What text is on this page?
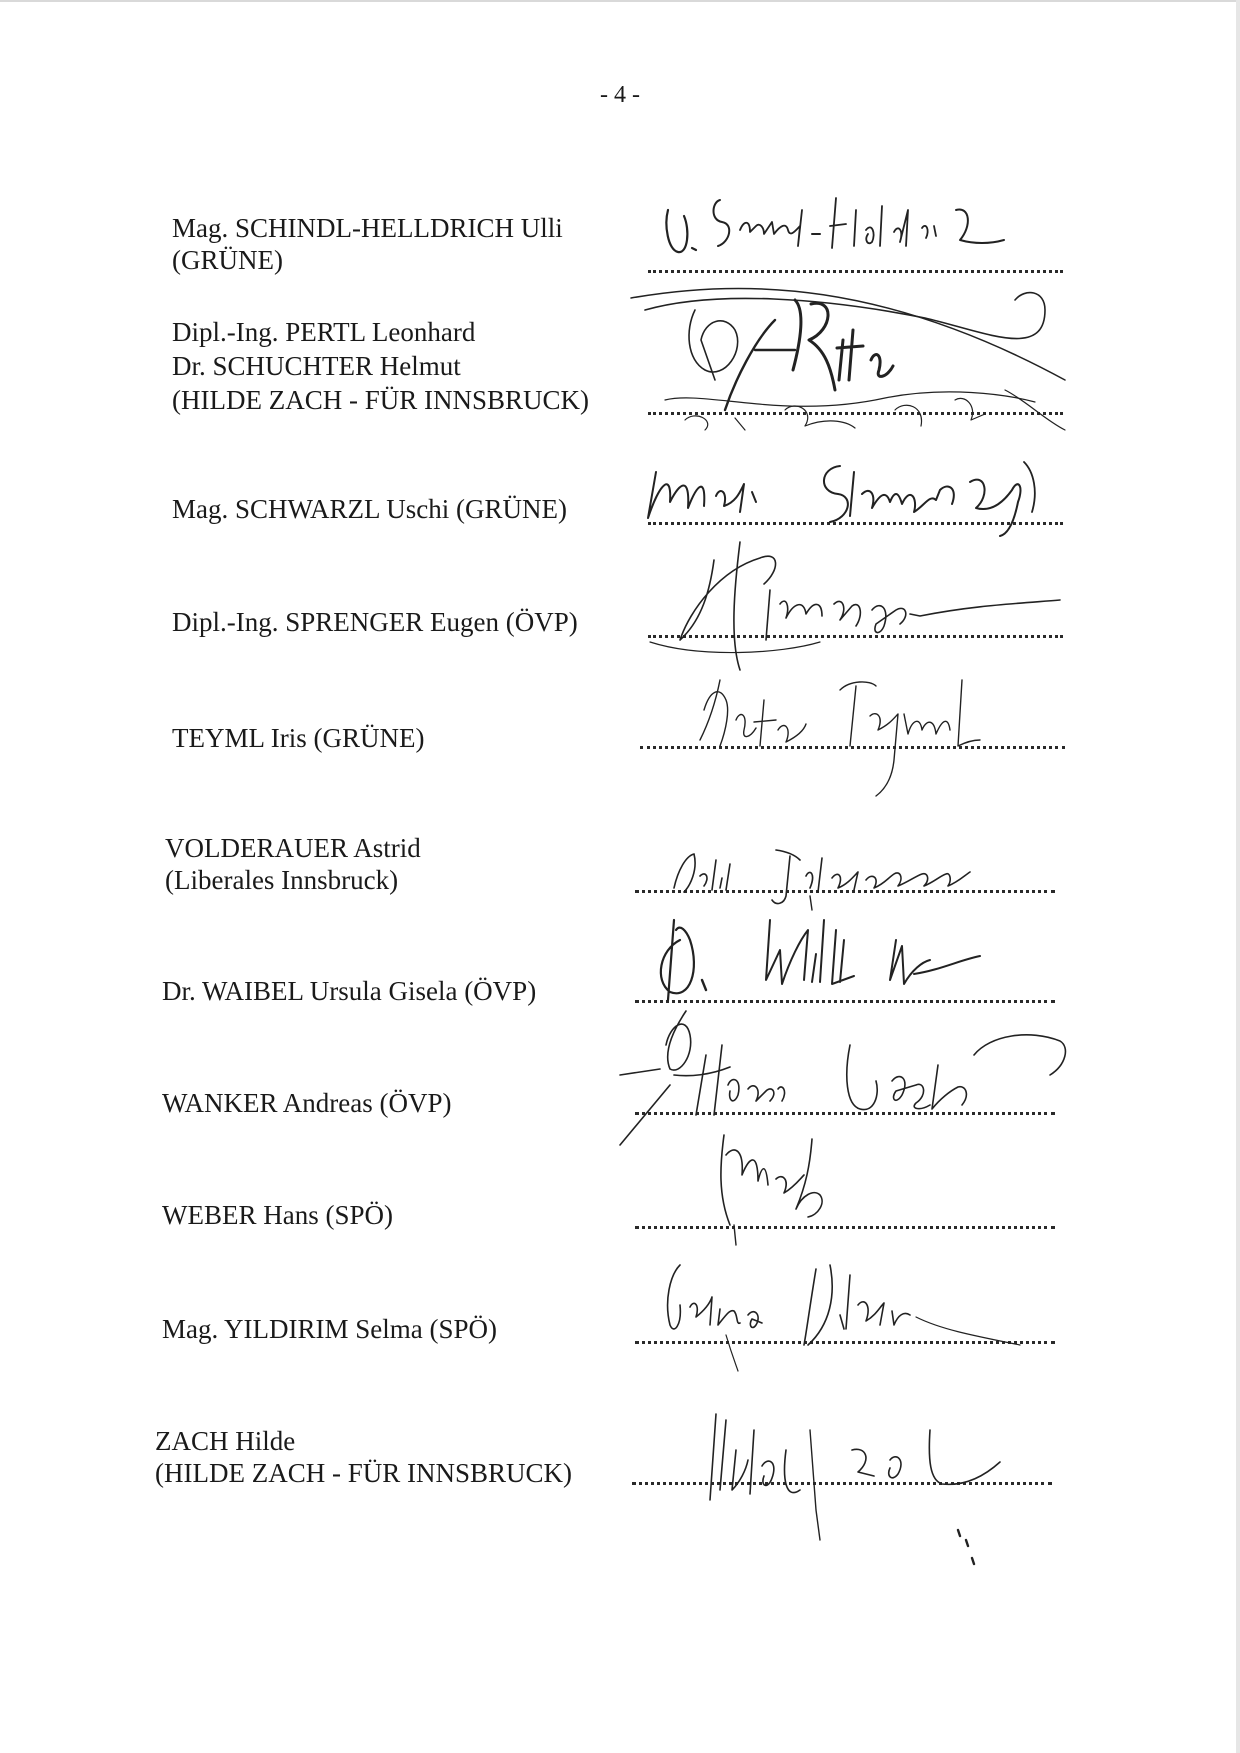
- 4 -
Mag. SCHINDL-HELLDRICH Ulli
(GRÜNE)
Dipl.-Ing. PERTL Leonhard
Dr. SCHUCHTER Helmut
(HILDE ZACH - FÜR INNSBRUCK)
Mag. SCHWARZL Uschi (GRÜNE)
Dipl.-Ing. SPRENGER Eugen (ÖVP)
TEYML Iris (GRÜNE)
VOLDERAUER Astrid
(Liberales Innsbruck)
Dr. WAIBEL Ursula Gisela (ÖVP)
WANKER Andreas (ÖVP)
WEBER Hans (SPÖ)
Mag. YILDIRIM Selma (SPÖ)
ZACH Hilde
(HILDE ZACH - FÜR INNSBRUCK)
